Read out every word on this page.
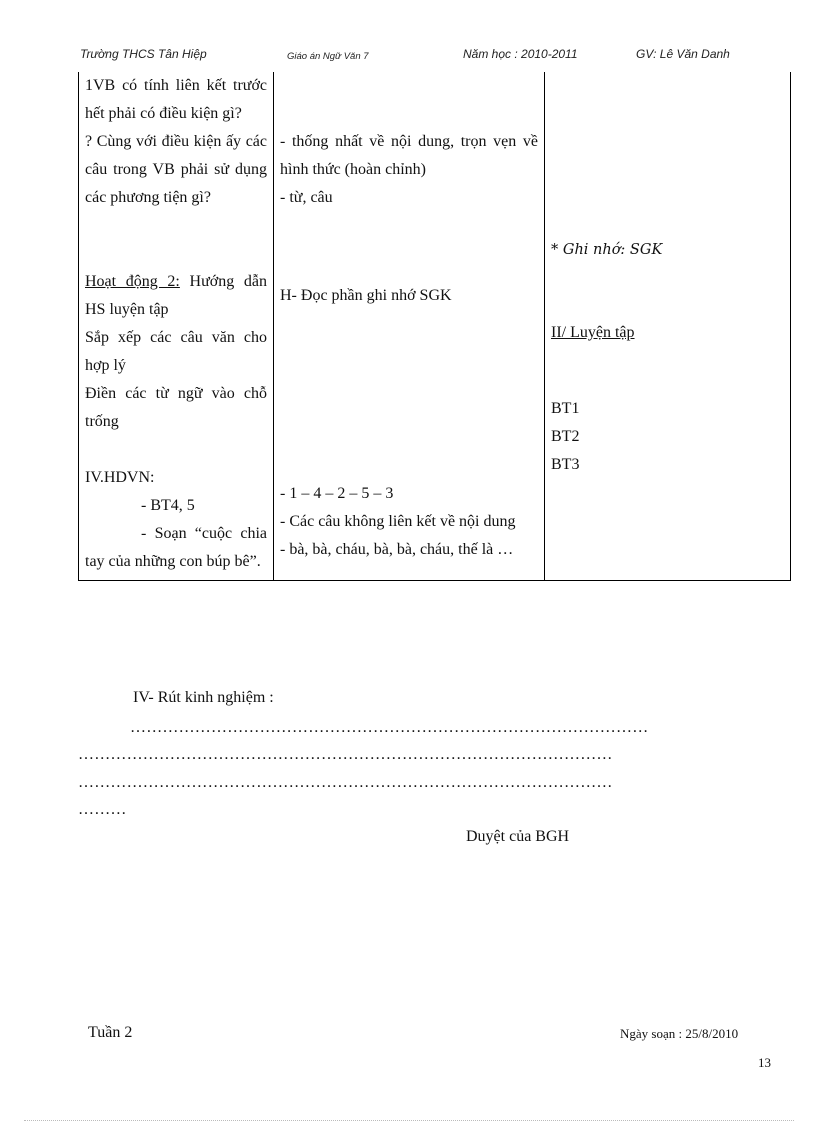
Trường THCS Tân Hiệp	Giáo án Ngữ Văn 7	Năm học : 2010-2011	GV: Lê Văn Danh
1VB có tính liên kết trước hết phải có điều kiện gì?
? Cùng với điều kiện ấy các câu trong VB phải sử dụng các phương tiện gì?
Hoạt động 2: Hướng dẫn HS luyện tập
Sắp xếp các câu văn cho hợp lý
Điền các từ ngữ vào chỗ trống
IV.HDVN:
- BT4, 5
- Soạn “cuộc chia tay của những con búp bê”.

- thống nhất về nội dung, trọn vẹn về hình thức (hoàn chỉnh)
- từ, câu
H- Đọc phần ghi nhớ SGK
- 1 – 4 – 2 – 5 – 3
- Các câu không liên kết về nội dung
- bà, bà, cháu, bà, bà, cháu, thế là …

* Ghi nhớ: SGK
II/ Luyện tập
BT1
BT2
BT3
IV- Rút kinh nghiệm :
……………………………………………………………………………………
………………………………………………………………………………………
………………………………………………………………………………………
………
Duyệt của BGH
Tuần 2	Ngày soạn : 25/8/2010
13
